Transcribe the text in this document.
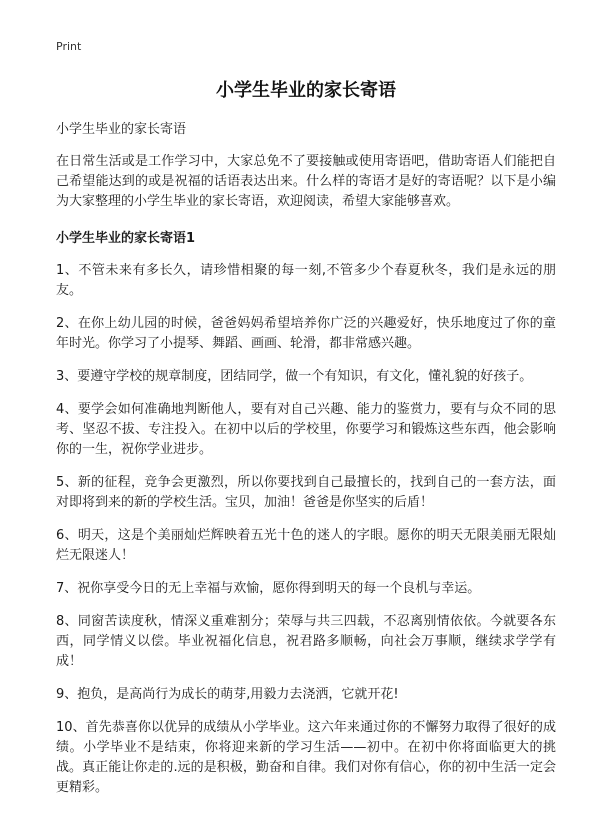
Print

小学生毕业的家长寄语

小学生毕业的家长寄语

在日常生活或是工作学习中，大家总免不了要接触或使用寄语吧，借助寄语人们能把自己希望能达到的或是祝福的话语表达出来。什么样的寄语才是好的寄语呢？以下是小编为大家整理的小学生毕业的家长寄语，欢迎阅读，希望大家能够喜欢。

小学生毕业的家长寄语1

1、不管未来有多长久，请珍惜相聚的每一刻,不管多少个春夏秋冬，我们是永远的朋友。

2、在你上幼儿园的时候，爸爸妈妈希望培养你广泛的兴趣爱好，快乐地度过了你的童年时光。你学习了小提琴、舞蹈、画画、轮滑，都非常感兴趣。

3、要遵守学校的规章制度，团结同学，做一个有知识，有文化，懂礼貌的好孩子。

4、要学会如何准确地判断他人，要有对自己兴趣、能力的鉴赏力，要有与众不同的思考、坚忍不拔、专注投入。在初中以后的学校里，你要学习和锻炼这些东西，他会影响你的一生，祝你学业进步。

5、新的征程，竞争会更激烈，所以你要找到自己最擅长的，找到自己的一套方法，面对即将到来的新的学校生活。宝贝，加油！爸爸是你坚实的后盾！

6、明天，这是个美丽灿烂辉映着五光十色的迷人的字眼。愿你的明天无限美丽无限灿烂无限迷人！

7、祝你享受今日的无上幸福与欢愉，愿你得到明天的每一个良机与幸运。

8、同窗苦读度秋，情深义重难割分；荣辱与共三四载，不忍离别情依依。今就要各东西，同学情义以偿。毕业祝福化信息，祝君路多顺畅，向社会万事顺，继续求学学有成！

9、抱负，是高尚行为成长的萌芽,用毅力去浇洒，它就开花!

10、首先恭喜你以优异的成绩从小学毕业。这六年来通过你的不懈努力取得了很好的成绩。小学毕业不是结束，你将迎来新的学习生活——初中。在初中你将面临更大的挑战。真正能让你走的.远的是积极，勤奋和自律。我们对你有信心，你的初中生活一定会更精彩。
